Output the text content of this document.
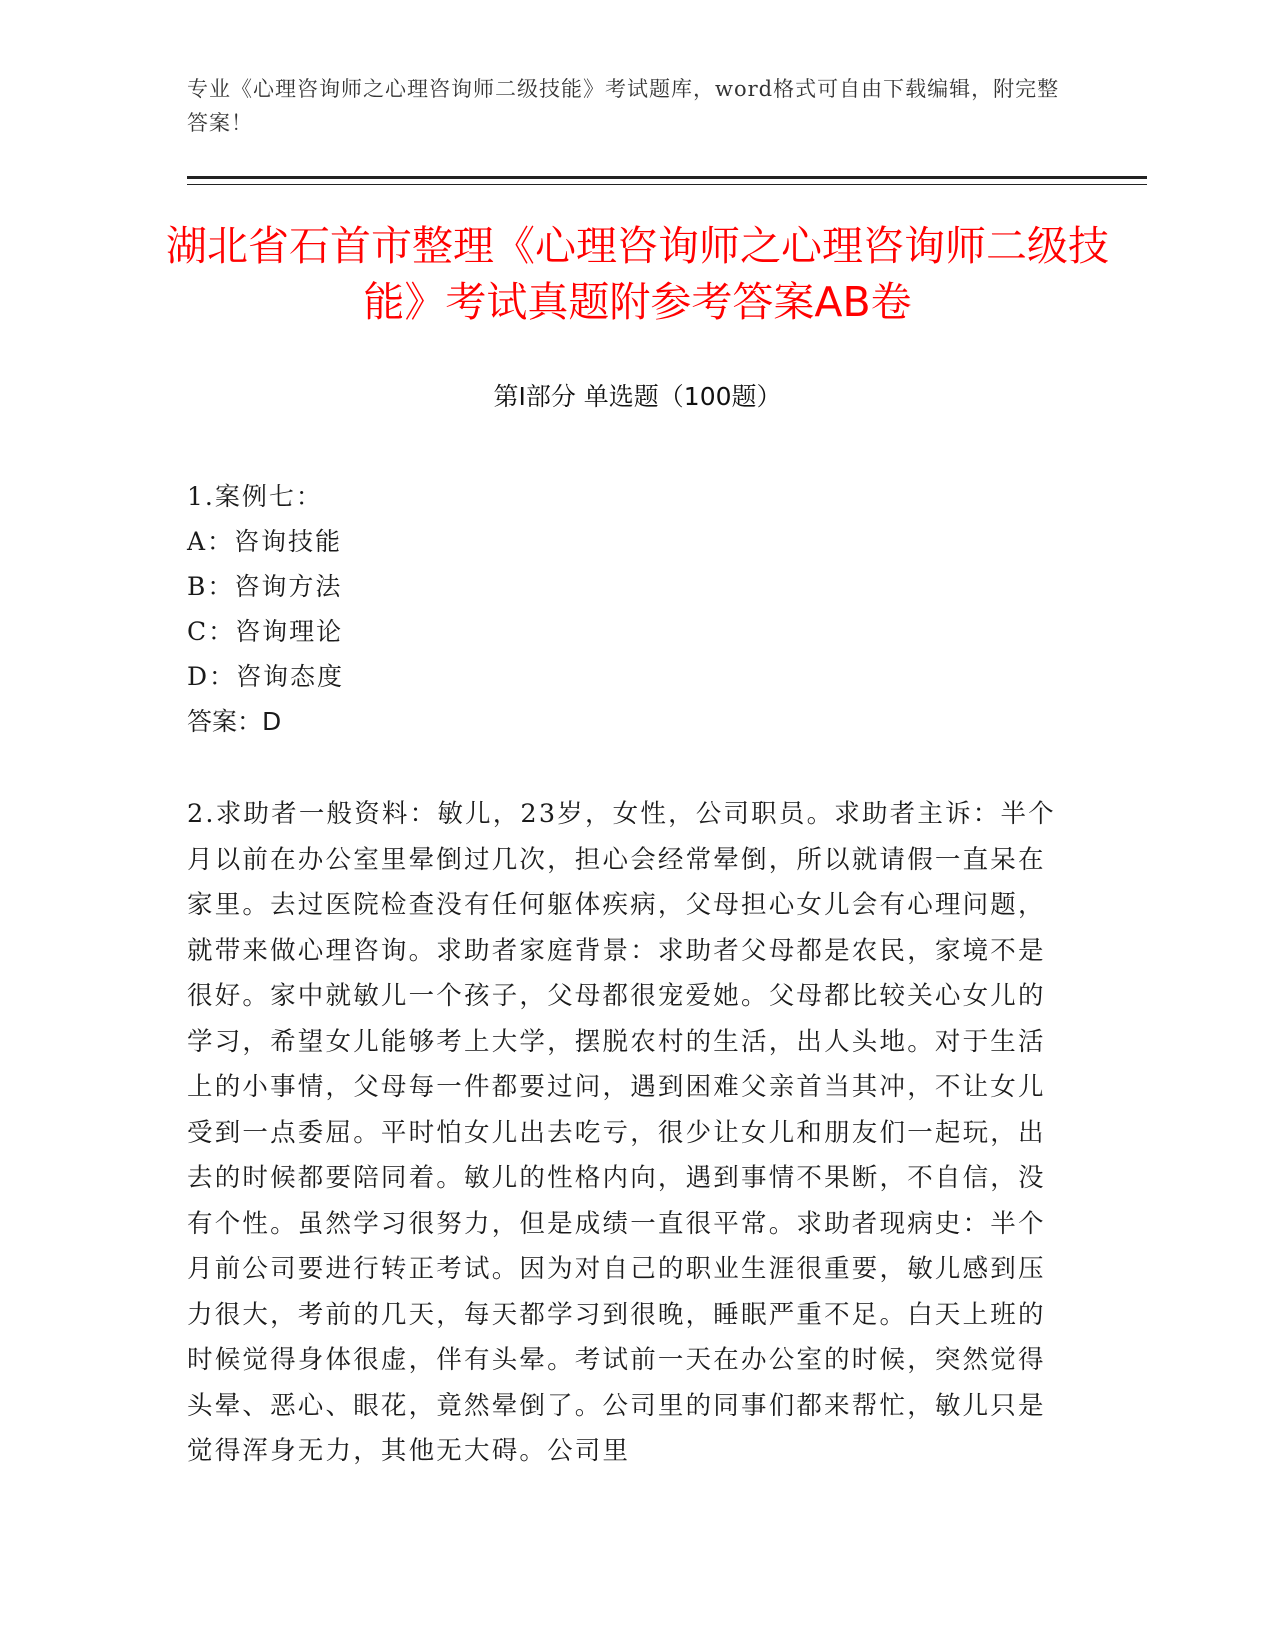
专业《心理咨询师之心理咨询师二级技能》考试题库，word格式可自由下载编辑，附完整答案！
湖北省石首市整理《心理咨询师之心理咨询师二级技能》考试真题附参考答案AB卷
第Ⅰ部分 单选题（100题）
1.案例七：
A：咨询技能
B：咨询方法
C：咨询理论
D：咨询态度
答案：D
2.求助者一般资料：敏儿，23岁，女性，公司职员。求助者主诉：半个月以前在办公室里晕倒过几次，担心会经常晕倒，所以就请假一直呆在家里。去过医院检查没有任何躯体疾病，父母担心女儿会有心理问题，就带来做心理咨询。求助者家庭背景：求助者父母都是农民，家境不是很好。家中就敏儿一个孩子，父母都很宠爱她。父母都比较关心女儿的学习，希望女儿能够考上大学，摆脱农村的生活，出人头地。对于生活上的小事情，父母每一件都要过问，遇到困难父亲首当其冲，不让女儿受到一点委屈。平时怕女儿出去吃亏，很少让女儿和朋友们一起玩，出去的时候都要陪同着。敏儿的性格内向，遇到事情不果断，不自信，没有个性。虽然学习很努力，但是成绩一直很平常。求助者现病史：半个月前公司要进行转正考试。因为对自己的职业生涯很重要，敏儿感到压力很大，考前的几天，每天都学习到很晚，睡眠严重不足。白天上班的时候觉得身体很虚，伴有头晕。考试前一天在办公室的时候，突然觉得头晕、恶心、眼花，竟然晕倒了。公司里的同事们都来帮忙，敏儿只是觉得浑身无力，其他无大碍。公司里
